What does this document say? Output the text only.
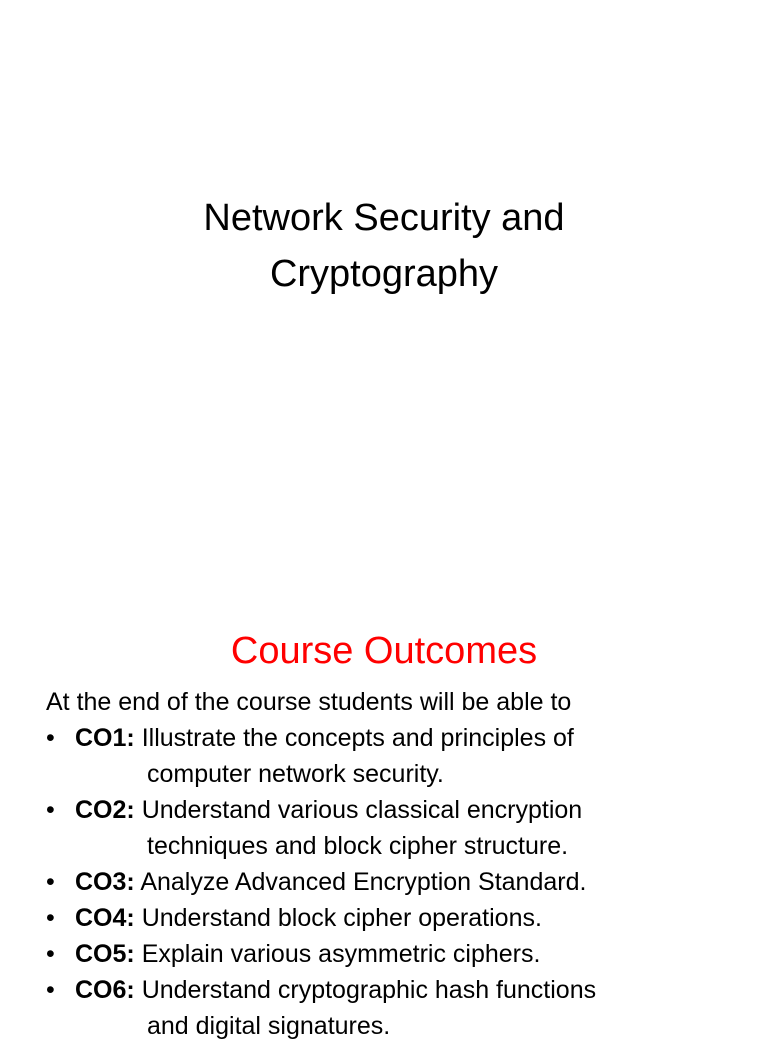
Network Security and
Cryptography
Course Outcomes

At the end of the course students will be able to

• CO1: Illustrate the concepts and principles of
computer network security.
• CO2: Understand various classical encryption
techniques and block cipher structure.
• CO3: Analyze Advanced Encryption Standard.
• CO4: Understand block cipher operations.
• CO5: Explain various asymmetric ciphers.
• CO6: Understand cryptographic hash functions
and digital signatures.
